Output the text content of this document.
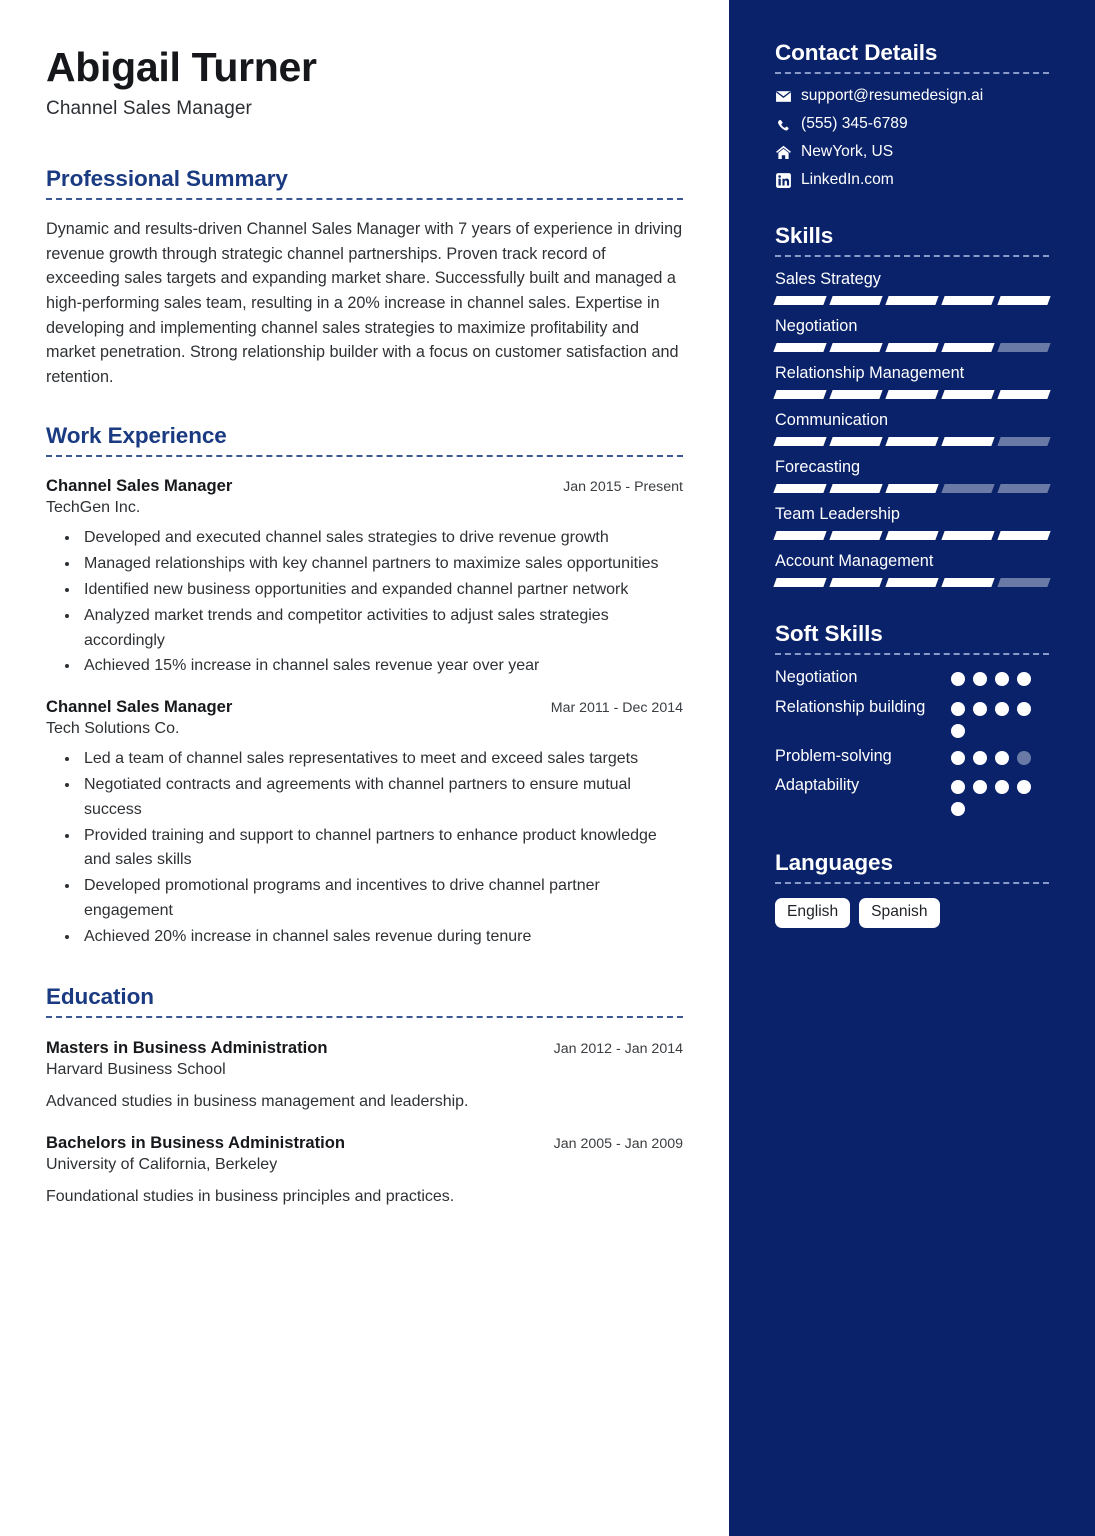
Abigail Turner
Channel Sales Manager
Professional Summary

Dynamic and results-driven Channel Sales Manager with 7 years of experience in driving revenue growth through strategic channel partnerships. Proven track record of exceeding sales targets and expanding market share. Successfully built and managed a high-performing sales team, resulting in a 20% increase in channel sales. Expertise in developing and implementing channel sales strategies to maximize profitability and market penetration. Strong relationship builder with a focus on customer satisfaction and retention.

Work Experience
Channel Sales Manager	Jan 2015 - Present
TechGen Inc.
• Developed and executed channel sales strategies to drive revenue growth
• Managed relationships with key channel partners to maximize sales opportunities
• Identified new business opportunities and expanded channel partner network
• Analyzed market trends and competitor activities to adjust sales strategies accordingly
• Achieved 15% increase in channel sales revenue year over year
Channel Sales Manager	Mar 2011 - Dec 2014
Tech Solutions Co.
• Led a team of channel sales representatives to meet and exceed sales targets
• Negotiated contracts and agreements with channel partners to ensure mutual success
• Provided training and support to channel partners to enhance product knowledge and sales skills
• Developed promotional programs and incentives to drive channel partner engagement
• Achieved 20% increase in channel sales revenue during tenure
Education
Masters in Business Administration	Jan 2012 - Jan 2014
Harvard Business School
Advanced studies in business management and leadership.
Bachelors in Business Administration	Jan 2005 - Jan 2009
University of California, Berkeley
Foundational studies in business principles and practices.
Contact Details
support@resumedesign.ai
(555) 345-6789
NewYork, US
LinkedIn.com
Skills
Sales Strategy
Negotiation
Relationship Management
Communication
Forecasting
Team Leadership
Account Management
Soft Skills
Negotiation
Relationship building
Problem-solving
Adaptability
Languages
English	Spanish
